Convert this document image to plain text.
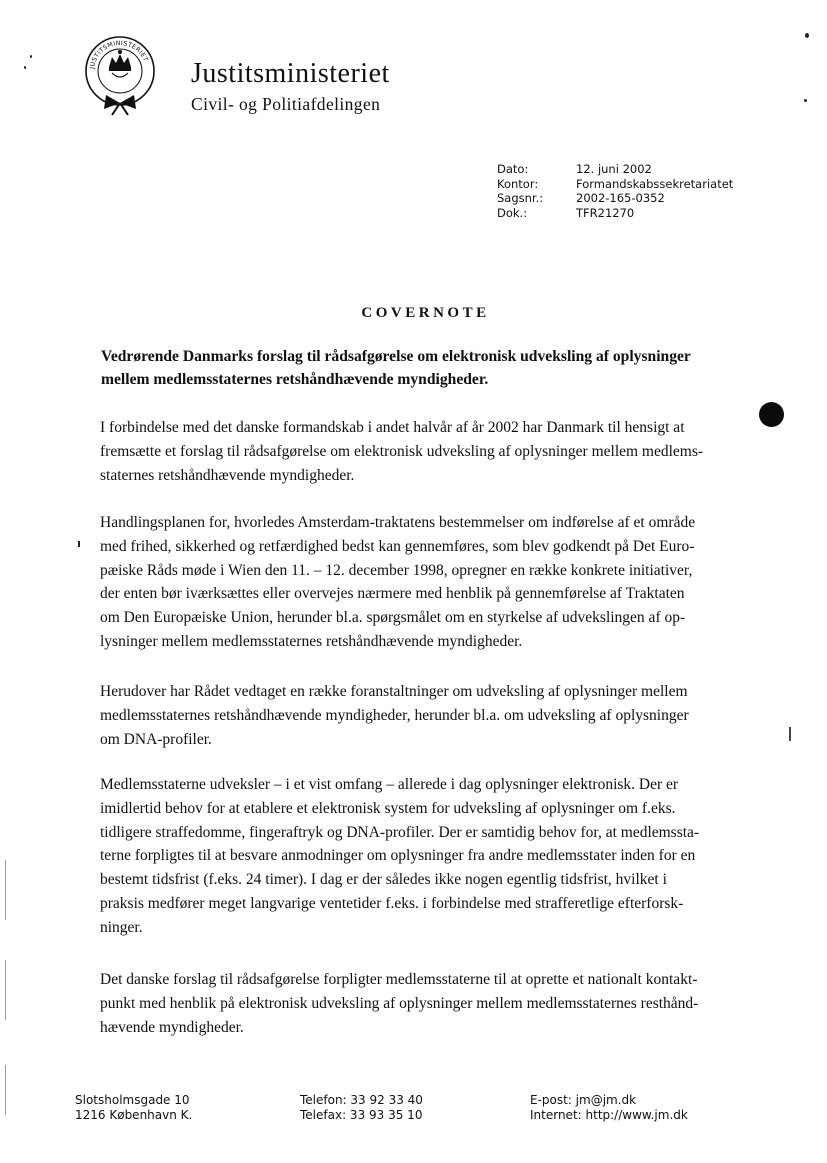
JUSTITSMINISTERIET Justitsministeriet
Civil- og Politiafdelingen
Dato:	12. juni 2002
Kontor:	Formandskabssekretariatet
Sagsnr.:	2002-165-0352
Dok.:	TFR21270
COVERNOTE
Vedrørende Danmarks forslag til rådsafgørelse om elektronisk udveksling af oplysninger
mellem medlemsstaternes retshåndhævende myndigheder.
I forbindelse med det danske formandskab i andet halvår af år 2002 har Danmark til hensigt at
fremsætte et forslag til rådsafgørelse om elektronisk udveksling af oplysninger mellem medlems-
staternes retshåndhævende myndigheder.
Handlingsplanen for, hvorledes Amsterdam-traktatens bestemmelser om indførelse af et område
med frihed, sikkerhed og retfærdighed bedst kan gennemføres, som blev godkendt på Det Euro-
pæiske Råds møde i Wien den 11. – 12. december 1998, opregner en række konkrete initiativer,
der enten bør iværksættes eller overvejes nærmere med henblik på gennemførelse af Traktaten
om Den Europæiske Union, herunder bl.a. spørgsmålet om en styrkelse af udvekslingen af op-
lysninger mellem medlemsstaternes retshåndhævende myndigheder.
Herudover har Rådet vedtaget en række foranstaltninger om udveksling af oplysninger mellem
medlemsstaternes retshåndhævende myndigheder, herunder bl.a. om udveksling af oplysninger
om DNA-profiler.
Medlemsstaterne udveksler – i et vist omfang – allerede i dag oplysninger elektronisk. Der er
imidlertid behov for at etablere et elektronisk system for udveksling af oplysninger om f.eks.
tidligere straffedomme, fingeraftryk og DNA-profiler. Der er samtidig behov for, at medlemssta-
terne forpligtes til at besvare anmodninger om oplysninger fra andre medlemsstater inden for en
bestemt tidsfrist (f.eks. 24 timer). I dag er der således ikke nogen egentlig tidsfrist, hvilket i
praksis medfører meget langvarige ventetider f.eks. i forbindelse med strafferetlige efterforsk-
ninger.
Det danske forslag til rådsafgørelse forpligter medlemsstaterne til at oprette et nationalt kontakt-
punkt med henblik på elektronisk udveksling af oplysninger mellem medlemsstaternes resthånd-
hævende myndigheder.
Slotsholmsgade 10
1216 København K.
Telefon: 33 92 33 40
Telefax: 33 93 35 10
E-post: jm@jm.dk
Internet: http://www.jm.dk
